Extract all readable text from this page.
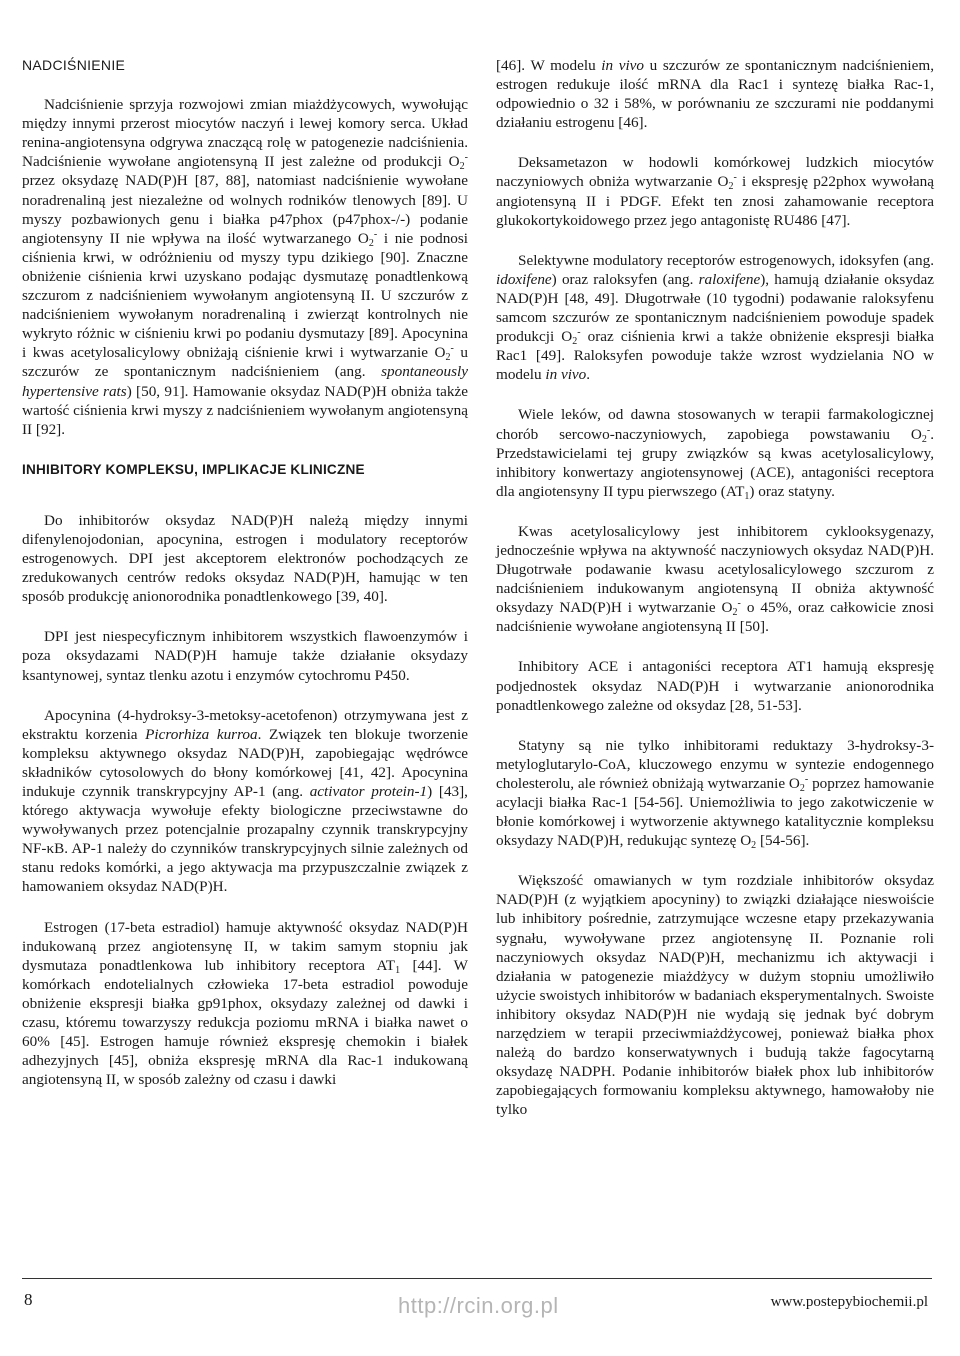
NADCIŚNIENIE

Nadciśnienie sprzyja rozwojowi zmian miażdżycowych, wywołując między innymi przerost miocytów naczyń i lewej komory serca. Układ renina-angiotensyna odgrywa znaczącą rolę w patogenezie nadciśnienia. Nadciśnienie wywołane angiotensyną II jest zależne od produkcji $O_2^-$ przez oksydazę NAD(P)H [87, 88], natomiast nadciśnienie wywołane noradrenaliną jest niezależne od wolnych rodników tlenowych [89]. U myszy pozbawionych genu i białka p47phox (p47phox-/-) podanie angiotensyny II nie wpływa na ilość wytwarzanego $O_2^-$ i nie podnosi ciśnienia krwi, w odróżnieniu od myszy typu dzikiego [90]. Znaczne obniżenie ciśnienia krwi uzyskano podając dysmutazę ponadtlenkową szczurom z nadciśnieniem wywołanym angiotensyną II. U szczurów z nadciśnieniem wywołanym noradrenaliną i zwierząt kontrolnych nie wykryto różnic w ciśnieniu krwi po podaniu dysmutazy [89]. Apocynina i kwas acetylosalicylowy obniżają ciśnienie krwi i wytwarzanie $O_2^-$ u szczurów ze spontanicznym nadciśnieniem (ang. spontaneously hypertensive rats) [50, 91]. Hamowanie oksydaz NAD(P)H obniża także wartość ciśnienia krwi myszy z nadciśnieniem wywołanym angiotensyną II [92].

INHIBITORY KOMPLEKSU, IMPLIKACJE KLINICZNE

Do inhibitorów oksydaz NAD(P)H należą między innymi difenylenojodonian, apocynina, estrogen i modulatory receptorów estrogenowych. DPI jest akceptorem elektronów pochodzących ze zredukowanych centrów redoks oksydaz NAD(P)H, hamując w ten sposób produkcję anionorodnika ponadtlenkowego [39, 40].

DPI jest niespecyficznym inhibitorem wszystkich flawoenzymów i poza oksydazami NAD(P)H hamuje także działanie oksydazy ksantynowej, syntaz tlenku azotu i enzymów cytochromu P450.

Apocynina (4-hydroksy-3-metoksy-acetofenon) otrzymywana jest z ekstraktu korzenia Picrorhiza kurroa. Związek ten blokuje tworzenie kompleksu aktywnego oksydaz NAD(P)H, zapobiegając wędrówce składników cytosolowych do błony komórkowej [41, 42]. Apocynina indukuje czynnik transkrypcyjny AP-1 (ang. activator protein-1) [43], którego aktywacja wywołuje efekty biologiczne przeciwstawne do wywoływanych przez potencjalnie prozapalny czynnik transkrypcyjny NF-κB. AP-1 należy do czynników transkrypcyjnych silnie zależnych od stanu redoks komórki, a jego aktywacja ma przypuszczalnie związek z hamowaniem oksydaz NAD(P)H.

Estrogen (17-beta estradiol) hamuje aktywność oksydaz NAD(P)H indukowaną przez angiotensynę II, w takim samym stopniu jak dysmutaza ponadtlenkowa lub inhibitory receptora $AT_1$ [44]. W komórkach endotelialnych człowieka 17-beta estradiol powoduje obniżenie ekspresji białka gp91phox, oksydazy zależnej od dawki i czasu, któremu towarzyszy redukcja poziomu mRNA i białka nawet o 60% [45]. Estrogen hamuje również ekspresję chemokin i białek adhezyjnych [45], obniża ekspresję mRNA dla Rac-1 indukowaną angiotensyną II, w sposób zależny od czasu i dawki

[46]. W modelu in vivo u szczurów ze spontanicznym nadciśnieniem, estrogen redukuje ilość mRNA dla Rac1 i syntezę białka Rac-1, odpowiednio o 32 i 58%, w porównaniu ze szczurami nie poddanymi działaniu estrogenu [46].

Deksametazon w hodowli komórkowej ludzkich miocytów naczyniowych obniża wytwarzanie $O_2^-$ i ekspresję p22phox wywołaną angiotensyną II i PDGF. Efekt ten znosi zahamowanie receptora glukokortykoidowego przez jego antagonistę RU486 [47].

Selektywne modulatory receptorów estrogenowych, idoksyfen (ang. idoxifene) oraz raloksyfen (ang. raloxifene), hamują działanie oksydaz NAD(P)H [48, 49]. Długotrwałe (10 tygodni) podawanie raloksyfenu samcom szczurów ze spontanicznym nadciśnieniem powoduje spadek produkcji $O_2^-$ oraz ciśnienia krwi a także obniżenie ekspresji białka Rac1 [49]. Raloksyfen powoduje także wzrost wydzielania NO w modelu in vivo.

Wiele leków, od dawna stosowanych w terapii farmakologicznej chorób sercowo-naczyniowych, zapobiega powstawaniu $O_2^-$. Przedstawicielami tej grupy związków są kwas acetylosalicylowy, inhibitory konwertazy angiotensynowej (ACE), antagoniści receptora dla angiotensyny II typu pierwszego $(AT_1)$ oraz statyny.

Kwas acetylosalicylowy jest inhibitorem cyklooksygenazy, jednocześnie wpływa na aktywność naczyniowych oksydaz NAD(P)H. Długotrwałe podawanie kwasu acetylosalicylowego szczurom z nadciśnieniem indukowanym angiotensyną II obniża aktywność oksydazy NAD(P)H i wytwarzanie $O_2^-$ o 45%, oraz całkowicie znosi nadciśnienie wywołane angiotensyną II [50].

Inhibitory ACE i antagoniści receptora AT1 hamują ekspresję podjednostek oksydaz NAD(P)H i wytwarzanie anionorodnika ponadtlenkowego zależne od oksydaz [28, 51-53].

Statyny są nie tylko inhibitorami reduktazy 3-hydroksy-3-metyloglutarylo-CoA, kluczowego enzymu w syntezie endogennego cholesterolu, ale również obniżają wytwarzanie $O_2^-$ poprzez hamowanie acylacji białka Rac-1 [54-56]. Uniemożliwia to jego zakotwiczenie w błonie komórkowej i wytworzenie aktywnego katalitycznie kompleksu oksydazy NAD(P)H, redukując syntezę $O_2$ [54-56].

Większość omawianych w tym rozdziale inhibitorów oksydaz NAD(P)H (z wyjątkiem apocyniny) to związki działające nieswoiście lub inhibitory pośrednie, zatrzymujące wczesne etapy przekazywania sygnału, wywoływane przez angiotensynę II. Poznanie roli naczyniowych oksydaz NAD(P)H, mechanizmu ich aktywacji i działania w patogenezie miażdżycy w dużym stopniu umożliwiło użycie swoistych inhibitorów w badaniach eksperymentalnych. Swoiste inhibitory oksydaz NAD(P)H nie wydają się jednak być dobrym narzędziem w terapii przeciwmiażdżycowej, ponieważ białka phox należą do bardzo konserwatywnych i budują także fagocytarną oksydazę NADPH. Podanie inhibitorów białek phox lub inhibitorów zapobiegających formowaniu kompleksu aktywnego, hamowałoby nie tylko

8	http://rcin.org.pl	www.postepybiochemii.pl
